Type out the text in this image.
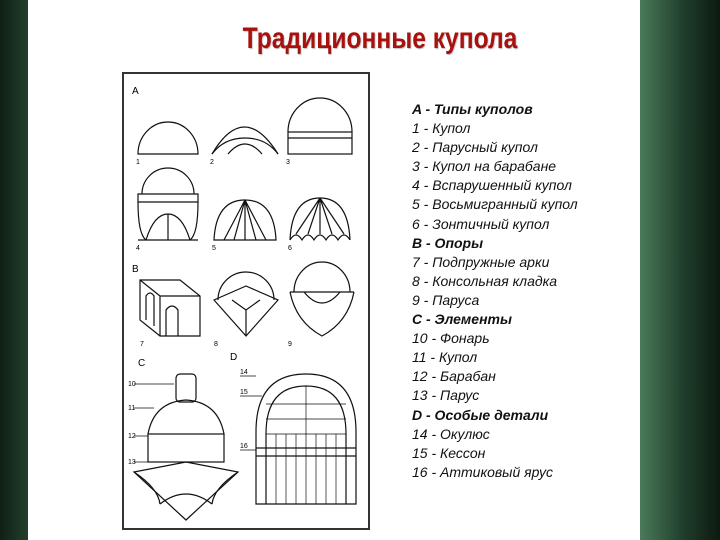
Традиционные купола
A
B
C
D
1	2	3
4	5	6
7	8	9
10
11
12
13
14
15
16
A - Типы куполов
1 - Купол
2 - Парусный купол
3 - Купол на барабане
4 - Вспарушенный купол
5 - Восьмигранный купол
6 - Зонтичный купол
B - Опоры
7 - Подпружные арки
8 - Консольная кладка
9 - Паруса
C - Элементы
10 - Фонарь
11 - Купол
12 - Барабан
13 - Парус
D - Особые детали
14 - Окулюс
15 - Кессон
16 - Аттиковый ярус
